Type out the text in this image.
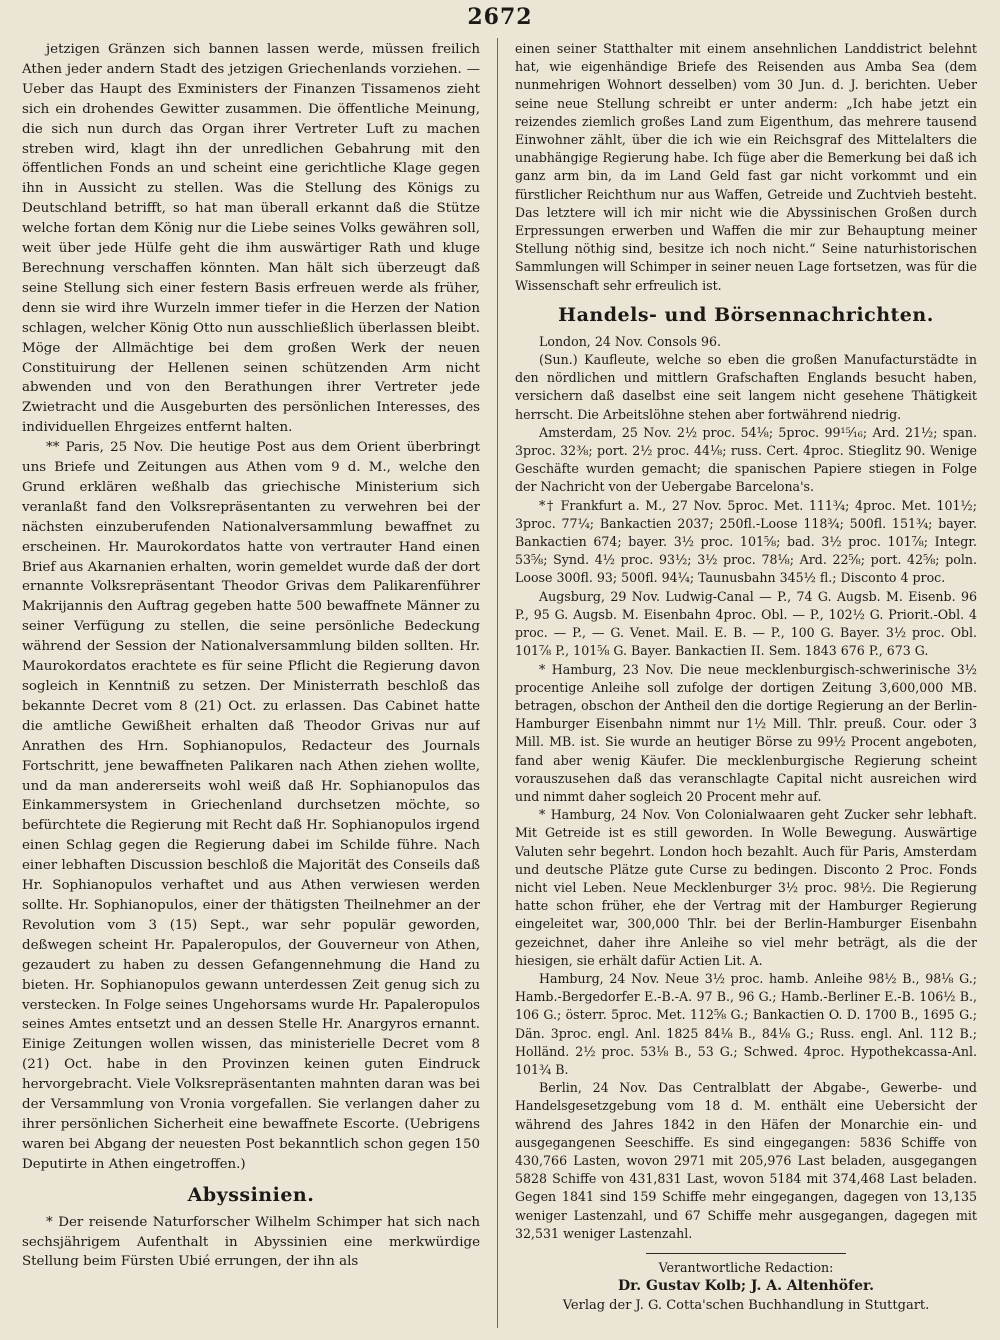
2672

jetzigen Gränzen sich bannen lassen werde, müssen freilich Athen jeder andern Stadt des jetzigen Griechenlands vorziehen. — Ueber das Haupt des Exministers der Finanzen Tissamenos zieht sich ein drohendes Gewitter zusammen. Die öffentliche Meinung, die sich nun durch das Organ ihrer Vertreter Luft zu machen streben wird, klagt ihn der unredlichen Gebahrung mit den öffentlichen Fonds an und scheint eine gerichtliche Klage gegen ihn in Aussicht zu stellen. Was die Stellung des Königs zu Deutschland betrifft, so hat man überall erkannt daß die Stütze welche fortan dem König nur die Liebe seines Volks gewähren soll, weit über jede Hülfe geht die ihm auswärtiger Rath und kluge Berechnung verschaffen könnten. Man hält sich überzeugt daß seine Stellung sich einer festern Basis erfreuen werde als früher, denn sie wird ihre Wurzeln immer tiefer in die Herzen der Nation schlagen, welcher König Otto nun ausschließlich überlassen bleibt. Möge der Allmächtige bei dem großen Werk der neuen Constituirung der Hellenen seinen schützenden Arm nicht abwenden und von den Berathungen ihrer Vertreter jede Zwietracht und die Ausgeburten des persönlichen Interesses, des individuellen Ehrgeizes entfernt halten.

** Paris, 25 Nov. Die heutige Post aus dem Orient überbringt uns Briefe und Zeitungen aus Athen vom 9 d. M., welche den Grund erklären weßhalb das griechische Ministerium sich veranlaßt fand den Volksrepräsentanten zu verwehren bei der nächsten einzuberufenden Nationalversammlung bewaffnet zu erscheinen. Hr. Maurokordatos hatte von vertrauter Hand einen Brief aus Akarnanien erhalten, worin gemeldet wurde daß der dort ernannte Volksrepräsentant Theodor Grivas dem Palikarenführer Makrijannis den Auftrag gegeben hatte 500 bewaffnete Männer zu seiner Verfügung zu stellen, die seine persönliche Bedeckung während der Session der Nationalversammlung bilden sollten. Hr. Maurokordatos erachtete es für seine Pflicht die Regierung davon sogleich in Kenntniß zu setzen. Der Ministerrath beschloß das bekannte Decret vom 8 (21) Oct. zu erlassen. Das Cabinet hatte die amtliche Gewißheit erhalten daß Theodor Grivas nur auf Anrathen des Hrn. Sophianopulos, Redacteur des Journals Fortschritt, jene bewaffneten Palikaren nach Athen ziehen wollte, und da man andererseits wohl weiß daß Hr. Sophianopulos das Einkammersystem in Griechenland durchsetzen möchte, so befürchtete die Regierung mit Recht daß Hr. Sophianopulos irgend einen Schlag gegen die Regierung dabei im Schilde führe. Nach einer lebhaften Discussion beschloß die Majorität des Conseils daß Hr. Sophianopulos verhaftet und aus Athen verwiesen werden sollte. Hr. Sophianopulos, einer der thätigsten Theilnehmer an der Revolution vom 3 (15) Sept., war sehr populär geworden, deßwegen scheint Hr. Papaleropulos, der Gouverneur von Athen, gezaudert zu haben zu dessen Gefangennehmung die Hand zu bieten. Hr. Sophianopulos gewann unterdessen Zeit genug sich zu verstecken. In Folge seines Ungehorsams wurde Hr. Papaleropulos seines Amtes entsetzt und an dessen Stelle Hr. Anargyros ernannt. Einige Zeitungen wollen wissen, das ministerielle Decret vom 8 (21) Oct. habe in den Provinzen keinen guten Eindruck hervorgebracht. Viele Volksrepräsentanten mahnten daran was bei der Versammlung von Vronia vorgefallen. Sie verlangen daher zu ihrer persönlichen Sicherheit eine bewaffnete Escorte. (Uebrigens waren bei Abgang der neuesten Post bekanntlich schon gegen 150 Deputirte in Athen eingetroffen.)

Abyssinien.

* Der reisende Naturforscher Wilhelm Schimper hat sich nach sechsjährigem Aufenthalt in Abyssinien eine merkwürdige Stellung beim Fürsten Ubié errungen, der ihn als

einen seiner Statthalter mit einem ansehnlichen Landdistrict belehnt hat, wie eigenhändige Briefe des Reisenden aus Amba Sea (dem nunmehrigen Wohnort desselben) vom 30 Jun. d. J. berichten. Ueber seine neue Stellung schreibt er unter anderm: „Ich habe jetzt ein reizendes ziemlich großes Land zum Eigenthum, das mehrere tausend Einwohner zählt, über die ich wie ein Reichsgraf des Mittelalters die unabhängige Regierung habe. Ich füge aber die Bemerkung bei daß ich ganz arm bin, da im Land Geld fast gar nicht vorkommt und ein fürstlicher Reichthum nur aus Waffen, Getreide und Zuchtvieh besteht. Das letztere will ich mir nicht wie die Abyssinischen Großen durch Erpressungen erwerben und Waffen die mir zur Behauptung meiner Stellung nöthig sind, besitze ich noch nicht.“ Seine naturhistorischen Sammlungen will Schimper in seiner neuen Lage fortsetzen, was für die Wissenschaft sehr erfreulich ist.

Handels- und Börsennachrichten.

London, 24 Nov. Consols 96.

(Sun.) Kaufleute, welche so eben die großen Manufacturstädte in den nördlichen und mittlern Grafschaften Englands besucht haben, versichern daß daselbst eine seit langem nicht gesehene Thätigkeit herrscht. Die Arbeitslöhne stehen aber fortwährend niedrig.

Amsterdam, 25 Nov. 2½ proc. 54⅛; 5proc. 99¹⁵⁄₁₆; Ard. 21½; span. 3proc. 32⅜; port. 2½ proc. 44⅛; russ. Cert. 4proc. Stieglitz 90. Wenige Geschäfte wurden gemacht; die spanischen Papiere stiegen in Folge der Nachricht von der Uebergabe Barcelona's.

*† Frankfurt a. M., 27 Nov. 5proc. Met. 111¾; 4proc. Met. 101½; 3proc. 77¼; Bankactien 2037; 250fl.-Loose 118¾; 500fl. 151¾; bayer. Bankactien 674; bayer. 3½ proc. 101⅝; bad. 3½ proc. 101⅞; Integr. 53⅝; Synd. 4½ proc. 93½; 3½ proc. 78⅛; Ard. 22⅝; port. 42⅝; poln. Loose 300fl. 93; 500fl. 94¼; Taunusbahn 345½ fl.; Disconto 4 proc.

Augsburg, 29 Nov. Ludwig-Canal — P., 74 G. Augsb. M. Eisenb. 96 P., 95 G. Augsb. M. Eisenbahn 4proc. Obl. — P., 102½ G. Priorit.-Obl. 4 proc. — P., — G. Venet. Mail. E. B. — P., 100 G. Bayer. 3½ proc. Obl. 101⅞ P., 101⅝ G. Bayer. Bankactien II. Sem. 1843 676 P., 673 G.

* Hamburg, 23 Nov. Die neue mecklenburgisch-schwerinische 3½ procentige Anleihe soll zufolge der dortigen Zeitung 3,600,000 MB. betragen, obschon der Antheil den die dortige Regierung an der Berlin-Hamburger Eisenbahn nimmt nur 1½ Mill. Thlr. preuß. Cour. oder 3 Mill. MB. ist. Sie wurde an heutiger Börse zu 99½ Procent angeboten, fand aber wenig Käufer. Die mecklenburgische Regierung scheint vorauszusehen daß das veranschlagte Capital nicht ausreichen wird und nimmt daher sogleich 20 Procent mehr auf.

* Hamburg, 24 Nov. Von Colonialwaaren geht Zucker sehr lebhaft. Mit Getreide ist es still geworden. In Wolle Bewegung. Auswärtige Valuten sehr begehrt. London hoch bezahlt. Auch für Paris, Amsterdam und deutsche Plätze gute Curse zu bedingen. Disconto 2 Proc. Fonds nicht viel Leben. Neue Mecklenburger 3½ proc. 98½. Die Regierung hatte schon früher, ehe der Vertrag mit der Hamburger Regierung eingeleitet war, 300,000 Thlr. bei der Berlin-Hamburger Eisenbahn gezeichnet, daher ihre Anleihe so viel mehr beträgt, als die der hiesigen, sie erhält dafür Actien Lit. A.

Hamburg, 24 Nov. Neue 3½ proc. hamb. Anleihe 98½ B., 98⅛ G.; Hamb.-Bergedorfer E.-B.-A. 97 B., 96 G.; Hamb.-Berliner E.-B. 106½ B., 106 G.; österr. 5proc. Met. 112⅝ G.; Bankactien O. D. 1700 B., 1695 G.; Dän. 3proc. engl. Anl. 1825 84⅛ B., 84⅛ G.; Russ. engl. Anl. 112 B.; Holländ. 2½ proc. 53⅛ B., 53 G.; Schwed. 4proc. Hypothekcassa-Anl. 101¾ B.

Berlin, 24 Nov. Das Centralblatt der Abgabe-, Gewerbe- und Handelsgesetzgebung vom 18 d. M. enthält eine Uebersicht der während des Jahres 1842 in den Häfen der Monarchie ein- und ausgegangenen Seeschiffe. Es sind eingegangen: 5836 Schiffe von 430,766 Lasten, wovon 2971 mit 205,976 Last beladen, ausgegangen 5828 Schiffe von 431,831 Last, wovon 5184 mit 374,468 Last beladen. Gegen 1841 sind 159 Schiffe mehr eingegangen, dagegen von 13,135 weniger Lastenzahl, und 67 Schiffe mehr ausgegangen, dagegen mit 32,531 weniger Lastenzahl.

Verantwortliche Redaction:
Dr. Gustav Kolb; J. A. Altenhöfer.
Verlag der J. G. Cotta'schen Buchhandlung in Stuttgart.
